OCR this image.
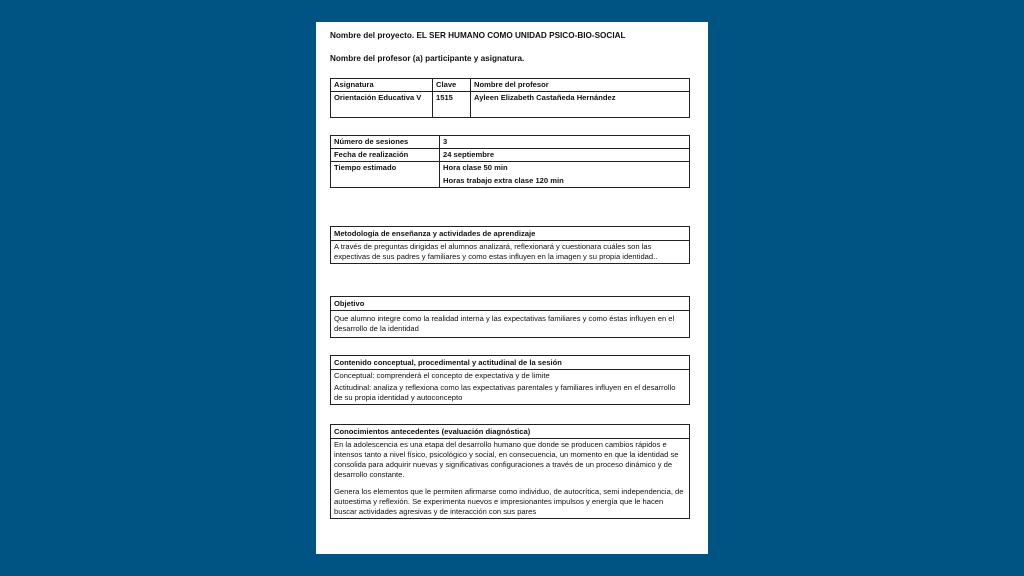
Nombre del proyecto. EL SER HUMANO COMO UNIDAD PSICO-BIO-SOCIAL
Nombre del profesor (a) participante y asignatura.
Asignatura	Clave	Nombre del profesor
Orientación Educativa V	1515	Ayleen Elizabeth Castañeda Hernández
Número de sesiones	3
Fecha de realización	24 septiembre
Tiempo estimado	Hora clase 50 min
Horas trabajo extra clase 120 min
Metodología de enseñanza y actividades de aprendizaje
A través de preguntas dirigidas el alumnos analizará, reflexionará y cuestionara cuáles son las expectivas de sus padres y familiares y como estas influyen en la imagen y su propia identidad..
Objetivo
Que alumno integre como la realidad interna y las expectativas familiares y como éstas influyen en el desarrollo de la identidad
Contenido conceptual, procedimental y actitudinal de la sesión

Conceptual: comprenderá el concepto de expectativa y de limite

Actitudinal: analiza y reflexiona como las expectativas parentales y familiares influyen en el desarrollo de su propia identidad y autoconcepto

Conocimientos antecedentes (evaluación diagnóstica)

En la adolescencia es una etapa del desarrollo humano que donde se producen cambios rápidos e intensos tanto a nivel físico, psicológico y social, en consecuencia, un momento en que la identidad se consolida para adquirir nuevas y significativas configuraciones a través de un proceso dinámico y de desarrollo constante.

Genera los elementos que le permiten afirmarse como individuo, de autocrítica, semi independencia, de autoestima y reflexión. Se experimenta nuevos e impresionantes impulsos y energía que le hacen buscar actividades agresivas y de interacción con sus pares
